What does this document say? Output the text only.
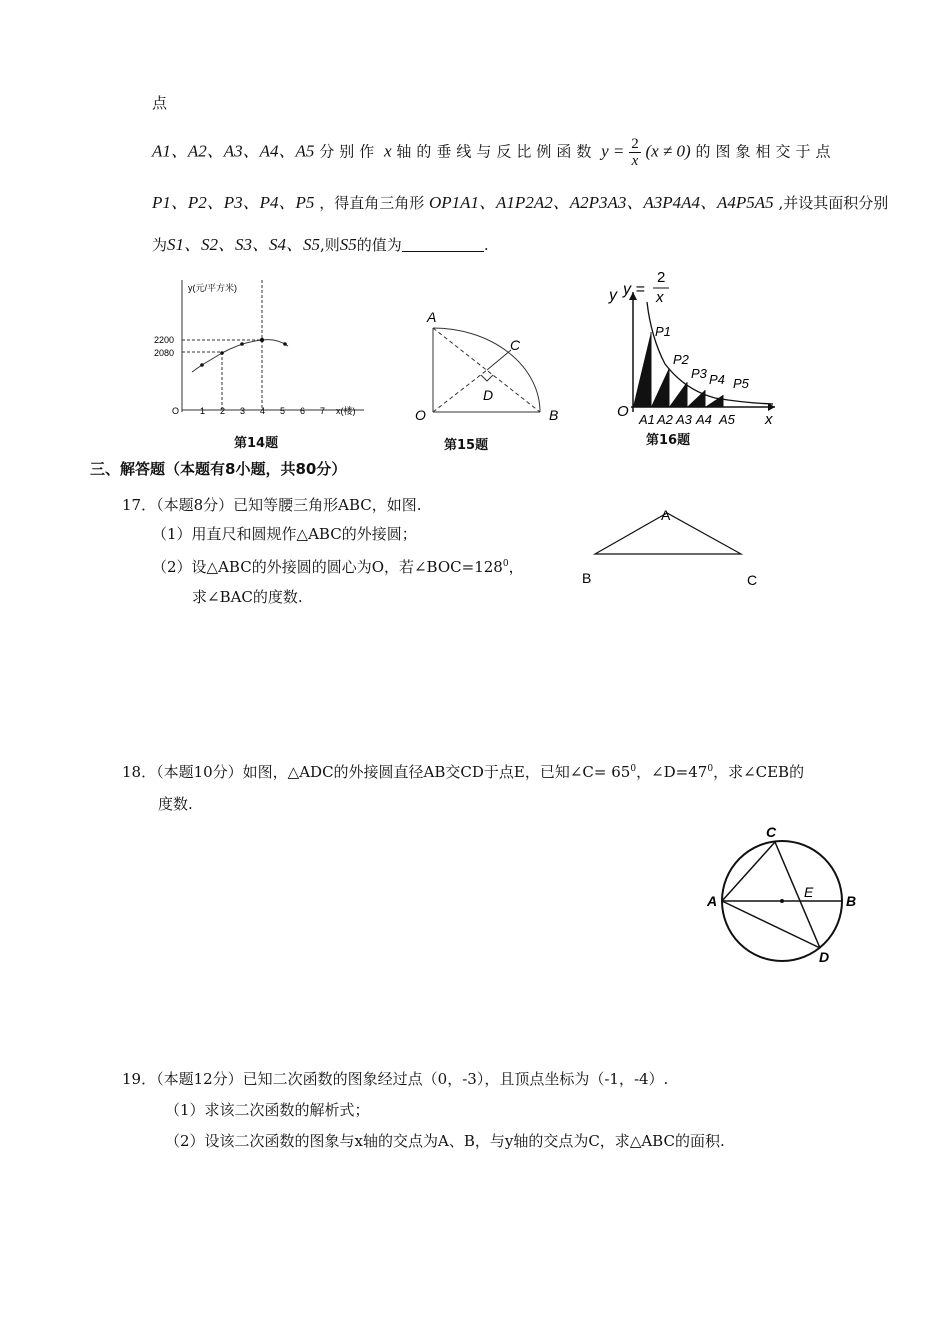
点
A1、A2、A3、A4、A5 分别作 x 轴的垂线与反比例函数 $y = \frac{2}{x} (x \ne 0)$ 的图象相交于点
P1、P2、P3、P4、P5 ，得直角三角形 OP1A1、A1P2A2、A2P3A3、A3P4A4、A4P5A5 ,并设其面积分别
为S1、S2、S3、S4、S5,则S5的值为	.
y(元/平方米)
2200
2080
O 1 2 3 4 5 6 7 x(楼)
第14题
A
C
D
O	B
第15题
y y =
2
x
O	x
P1
P2
P3 P4 P5
A1 A2 A3 A4 A5
第16题
三、解答题（本题有8小题，共80分）
17．（本题8分）已知等腰三角形ABC，如图.
（1）用直尺和圆规作△ABC的外接圆；
（2）设△ABC的外接圆的圆心为O，若$\angle BOC=128^0$，
求∠BAC的度数.
A
B	C
18．（本题10分）如图，△ADC的外接圆直径AB交CD于点E，已知∠C= $65^0$，$\angle D=47^0$，求∠CEB的
度数.
C
A	B
E
D
19．（本题12分）已知二次函数的图象经过点（0，-3），且顶点坐标为（-1，-4）.
（1）求该二次函数的解析式；
（2）设该二次函数的图象与x轴的交点为A、B，与y轴的交点为C，求△ABC的面积.
